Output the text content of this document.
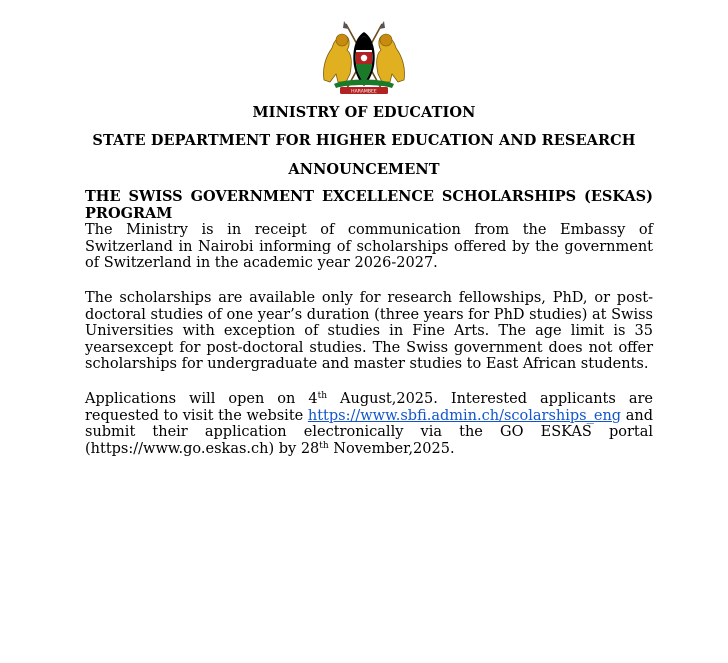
HARAMBEE
MINISTRY OF EDUCATION
STATE DEPARTMENT FOR HIGHER EDUCATION AND RESEARCH
ANNOUNCEMENT

THE SWISS GOVERNMENT EXCELLENCE SCHOLARSHIPS (ESKAS) PROGRAM

The Ministry is in receipt of communication from the Embassy of Switzerland in Nairobi informing of scholarships offered by the government of Switzerland in the academic year 2026-2027.

The scholarships are available only for research fellowships, PhD, or post-doctoral studies of one year’s duration (three years for PhD studies) at Swiss Universities with exception of studies in Fine Arts. The age limit is 35 yearsexcept for post-doctoral studies. The Swiss government does not offer scholarships for undergraduate and master studies to East African students.

Applications will open on 4th August,2025. Interested applicants are requested to visit the website https://www.sbfi.admin.ch/scolarships_eng and submit their application electronically via the GO ESKAS portal (https://www.go.eskas.ch) by 28th November,2025.
